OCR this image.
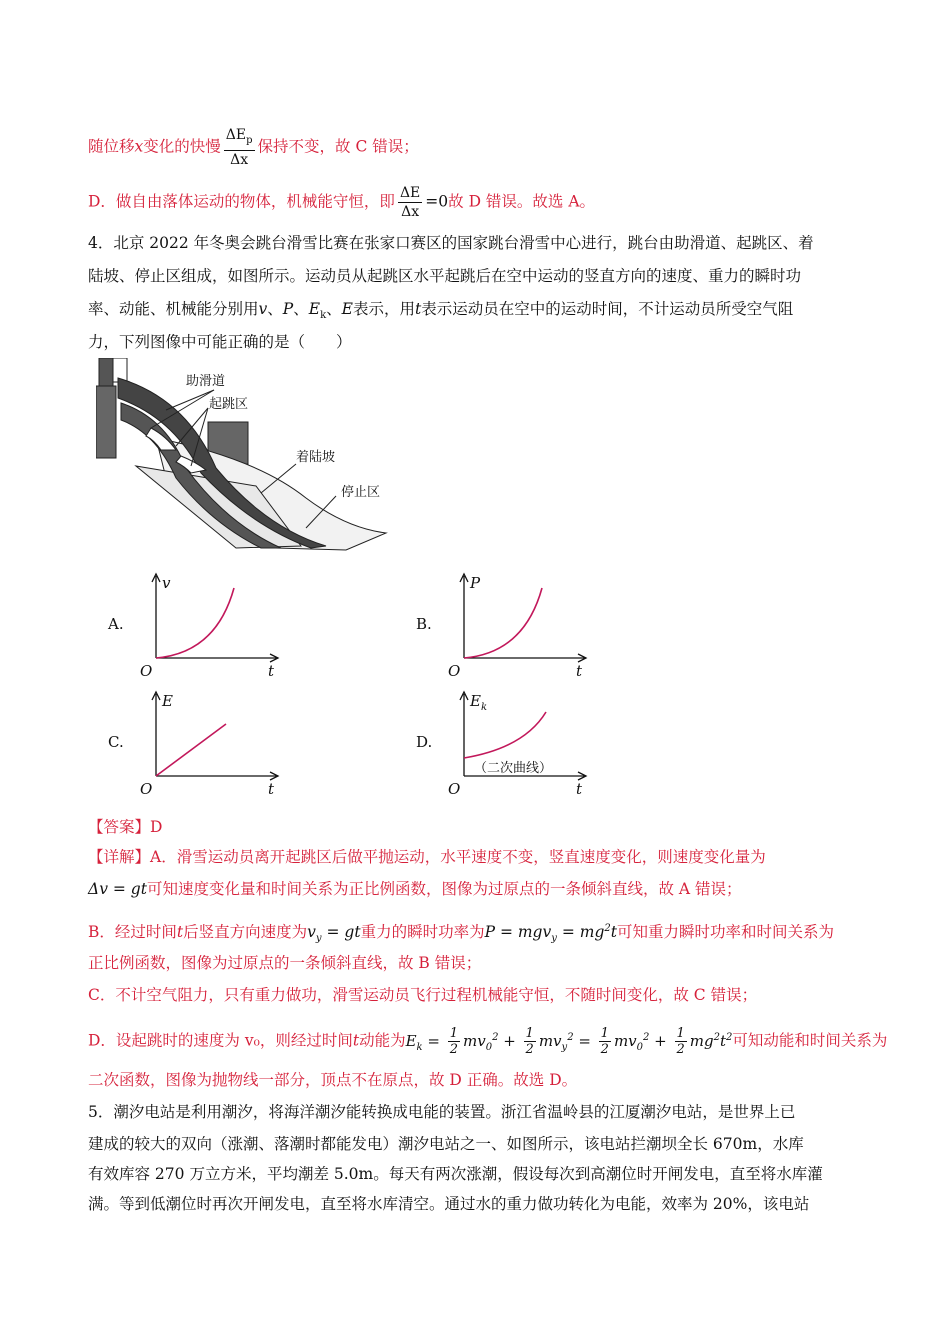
随位移x变化的快慢 $\frac{\Delta E_p}{\Delta x}$ 保持不变，故 C 错误；
D．做自由落体运动的物体，机械能守恒，即 $\frac{\Delta E}{\Delta x} =0$故 D 错误。故选 A。
4．北京 2022 年冬奥会跳台滑雪比赛在张家口赛区的国家跳台滑雪中心进行，跳台由助滑道、起跳区、着
陆坡、停止区组成，如图所示。运动员从起跳区水平起跳后在空中运动的竖直方向的速度、重力的瞬时功
率、动能、机械能分别用v、P、$E_k$、E表示，用t表示运动员在空中的运动时间，不计运动员所受空气阻
力，下列图像中可能正确的是（　　）
助滑道
起跳区
着陆坡
停止区
A.
v
t
O
B.
P
t
O
C.
E
t
O
D.
E k
t
O
（二次曲线）
【答案】D
【详解】A．滑雪运动员离开起跳区后做平抛运动，水平速度不变，竖直速度变化，则速度变化量为
Δv = gt可知速度变化量和时间关系为正比例函数，图像为过原点的一条倾斜直线，故 A 错误；
B．经过时间t后竖直方向速度为$v_y$ = gt重力的瞬时功率为$P = mgv_y = mg^2t$可知重力瞬时功率和时间关系为
正比例函数，图像为过原点的一条倾斜直线，故 B 错误；
C．不计空气阻力，只有重力做功，滑雪运动员飞行过程机械能守恒，不随时间变化，故 C 错误；
D．设起跳时的速度为 v₀，则经过时间t动能为$E_k = \frac{1}{2} mv_0^2 + \frac{1}{2} mv_y^2 = \frac{1}{2} mv_0^2 + \frac{1}{2} mg^2t^2$可知动能和时间关系为
二次函数，图像为抛物线一部分，顶点不在原点，故 D 正确。故选 D。
5．潮汐电站是利用潮汐，将海洋潮汐能转换成电能的装置。浙江省温岭县的江厦潮汐电站，是世界上已
建成的较大的双向（涨潮、落潮时都能发电）潮汐电站之一、如图所示，该电站拦潮坝全长 670m，水库
有效库容 270 万立方米，平均潮差 5.0m。每天有两次涨潮，假设每次到高潮位时开闸发电，直至将水库灌
满。等到低潮位时再次开闸发电，直至将水库清空。通过水的重力做功转化为电能，效率为 20%，该电站
